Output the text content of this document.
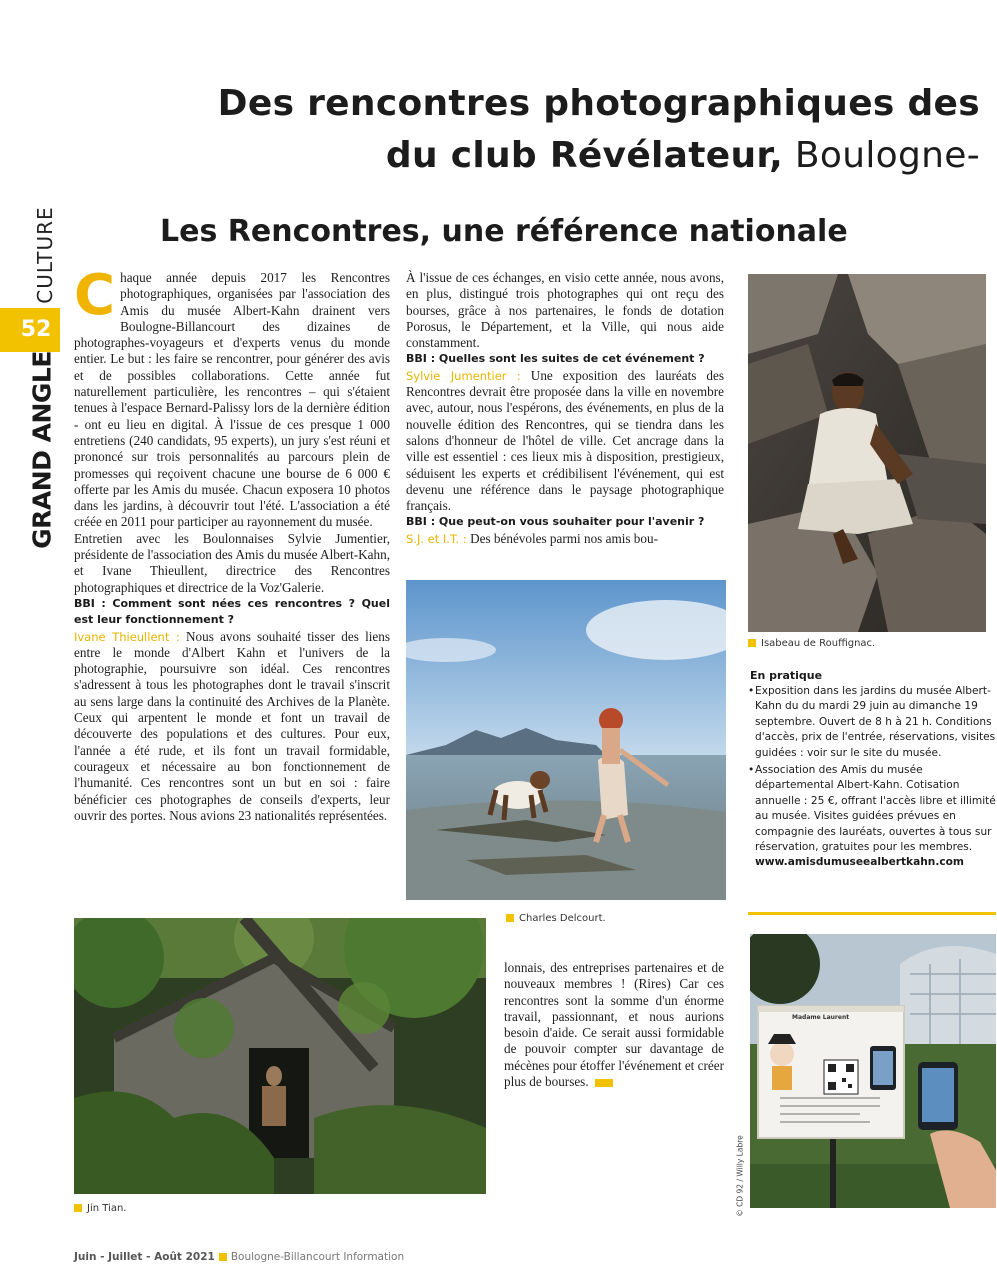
Des rencontres photographiques des
du club Révélateur, Boulogne-
CULTURE
52
GRAND ANGLE
Les Rencontres, une référence nationale

Chaque année depuis 2017 les Rencontres photographiques, organisées par l'association des Amis du musée Albert-Kahn drainent vers Boulogne-Billancourt des dizaines de photographes-voyageurs et d'experts venus du monde entier. Le but : les faire se rencontrer, pour générer des avis et de possibles collaborations. Cette année fut naturellement particulière, les rencontres – qui s'étaient tenues à l'espace Bernard-Palissy lors de la dernière édition - ont eu lieu en digital. À l'issue de ces presque 1 000 entretiens (240 candidats, 95 experts), un jury s'est réuni et prononcé sur trois personnalités au parcours plein de promesses qui reçoivent chacune une bourse de 6 000 € offerte par les Amis du musée. Chacun exposera 10 photos dans les jardins, à découvrir tout l'été. L'association a été créée en 2011 pour participer au rayonnement du musée.

Entretien avec les Boulonnaises Sylvie Jumentier, présidente de l'association des Amis du musée Albert-Kahn, et Ivane Thieullent, directrice des Rencontres photographiques et directrice de la Voz'Galerie.

BBI : Comment sont nées ces rencontres ? Quel est leur fonctionnement ?

Ivane Thieullent : Nous avons souhaité tisser des liens entre le monde d'Albert Kahn et l'univers de la photographie, poursuivre son idéal. Ces rencontres s'adressent à tous les photographes dont le travail s'inscrit au sens large dans la continuité des Archives de la Planète. Ceux qui arpentent le monde et font un travail de découverte des populations et des cultures. Pour eux, l'année a été rude, et ils font un travail formidable, courageux et nécessaire au bon fonctionnement de l'humanité. Ces rencontres sont un but en soi : faire bénéficier ces photographes de conseils d'experts, leur ouvrir des portes. Nous avions 23 nationalités représentées.

À l'issue de ces échanges, en visio cette année, nous avons, en plus, distingué trois photographes qui ont reçu des bourses, grâce à nos partenaires, le fonds de dotation Porosus, le Département, et la Ville, qui nous aide constamment.

BBI : Quelles sont les suites de cet événement ?

Sylvie Jumentier : Une exposition des lauréats des Rencontres devrait être proposée dans la ville en novembre avec, autour, nous l'espérons, des événements, en plus de la nouvelle édition des Rencontres, qui se tiendra dans les salons d'honneur de l'hôtel de ville. Cet ancrage dans la ville est essentiel : ces lieux mis à disposition, prestigieux, séduisent les experts et crédibilisent l'événement, qui est devenu une référence dans le paysage photographique français.

BBI : Que peut-on vous souhaiter pour l'avenir ?

S.J. et I.T. : Des bénévoles parmi nos amis bou-

lonnais, des entreprises partenaires et de nouveaux membres ! (Rires) Car ces rencontres sont la somme d'un énorme travail, passionnant, et nous aurions besoin d'aide. Ce serait aussi formidable de pouvoir compter sur davantage de mécènes pour étoffer l'événement et créer plus de bourses.

Isabeau de Rouffignac.
En pratique
• Exposition dans les jardins du musée Albert-Kahn du du mardi 29 juin au dimanche 19 septembre. Ouvert de 8 h à 21 h. Conditions d'accès, prix de l'entrée, réservations, visites guidées : voir sur le site du musée.
• Association des Amis du musée départemental Albert-Kahn. Cotisation annuelle : 25 €, offrant l'accès libre et illimité au musée. Visites guidées prévues en compagnie des lauréats, ouvertes à tous sur réservation, gratuites pour les membres.
www.amisdumuseealbertkahn.com
Charles Delcourt.
Jin Tian.
Madame Laurent
© CD 92 / Willy Labre
Juin - Juillet - Août 2021 Boulogne-Billancourt Information
